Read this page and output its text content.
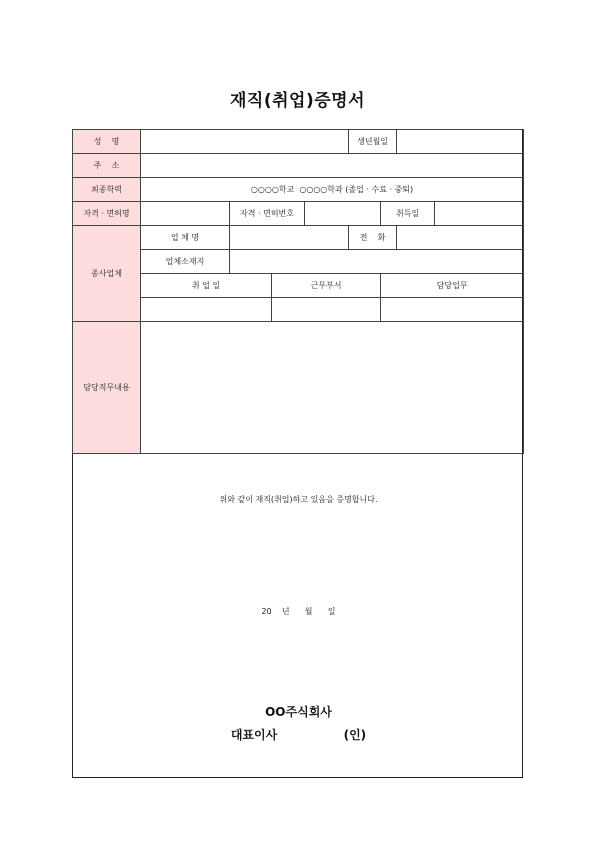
재직(취업)증명서
성    명					생년월일			
주    소								
최종학력	○○○○학교  ○○○○학과 (졸업 · 수료 · 중퇴)							
자격 · 면허명		자격 · 면허번호				취득일		
종사업체	업 체 명				전    화			
	업체소재지							
	취 업 일		근무부서			담당업무		

담당직무내용								
위와 같이 재직(취업)하고 있음을 증명합니다.
20    년      월      일
OO주식회사
대표이사	(인)
